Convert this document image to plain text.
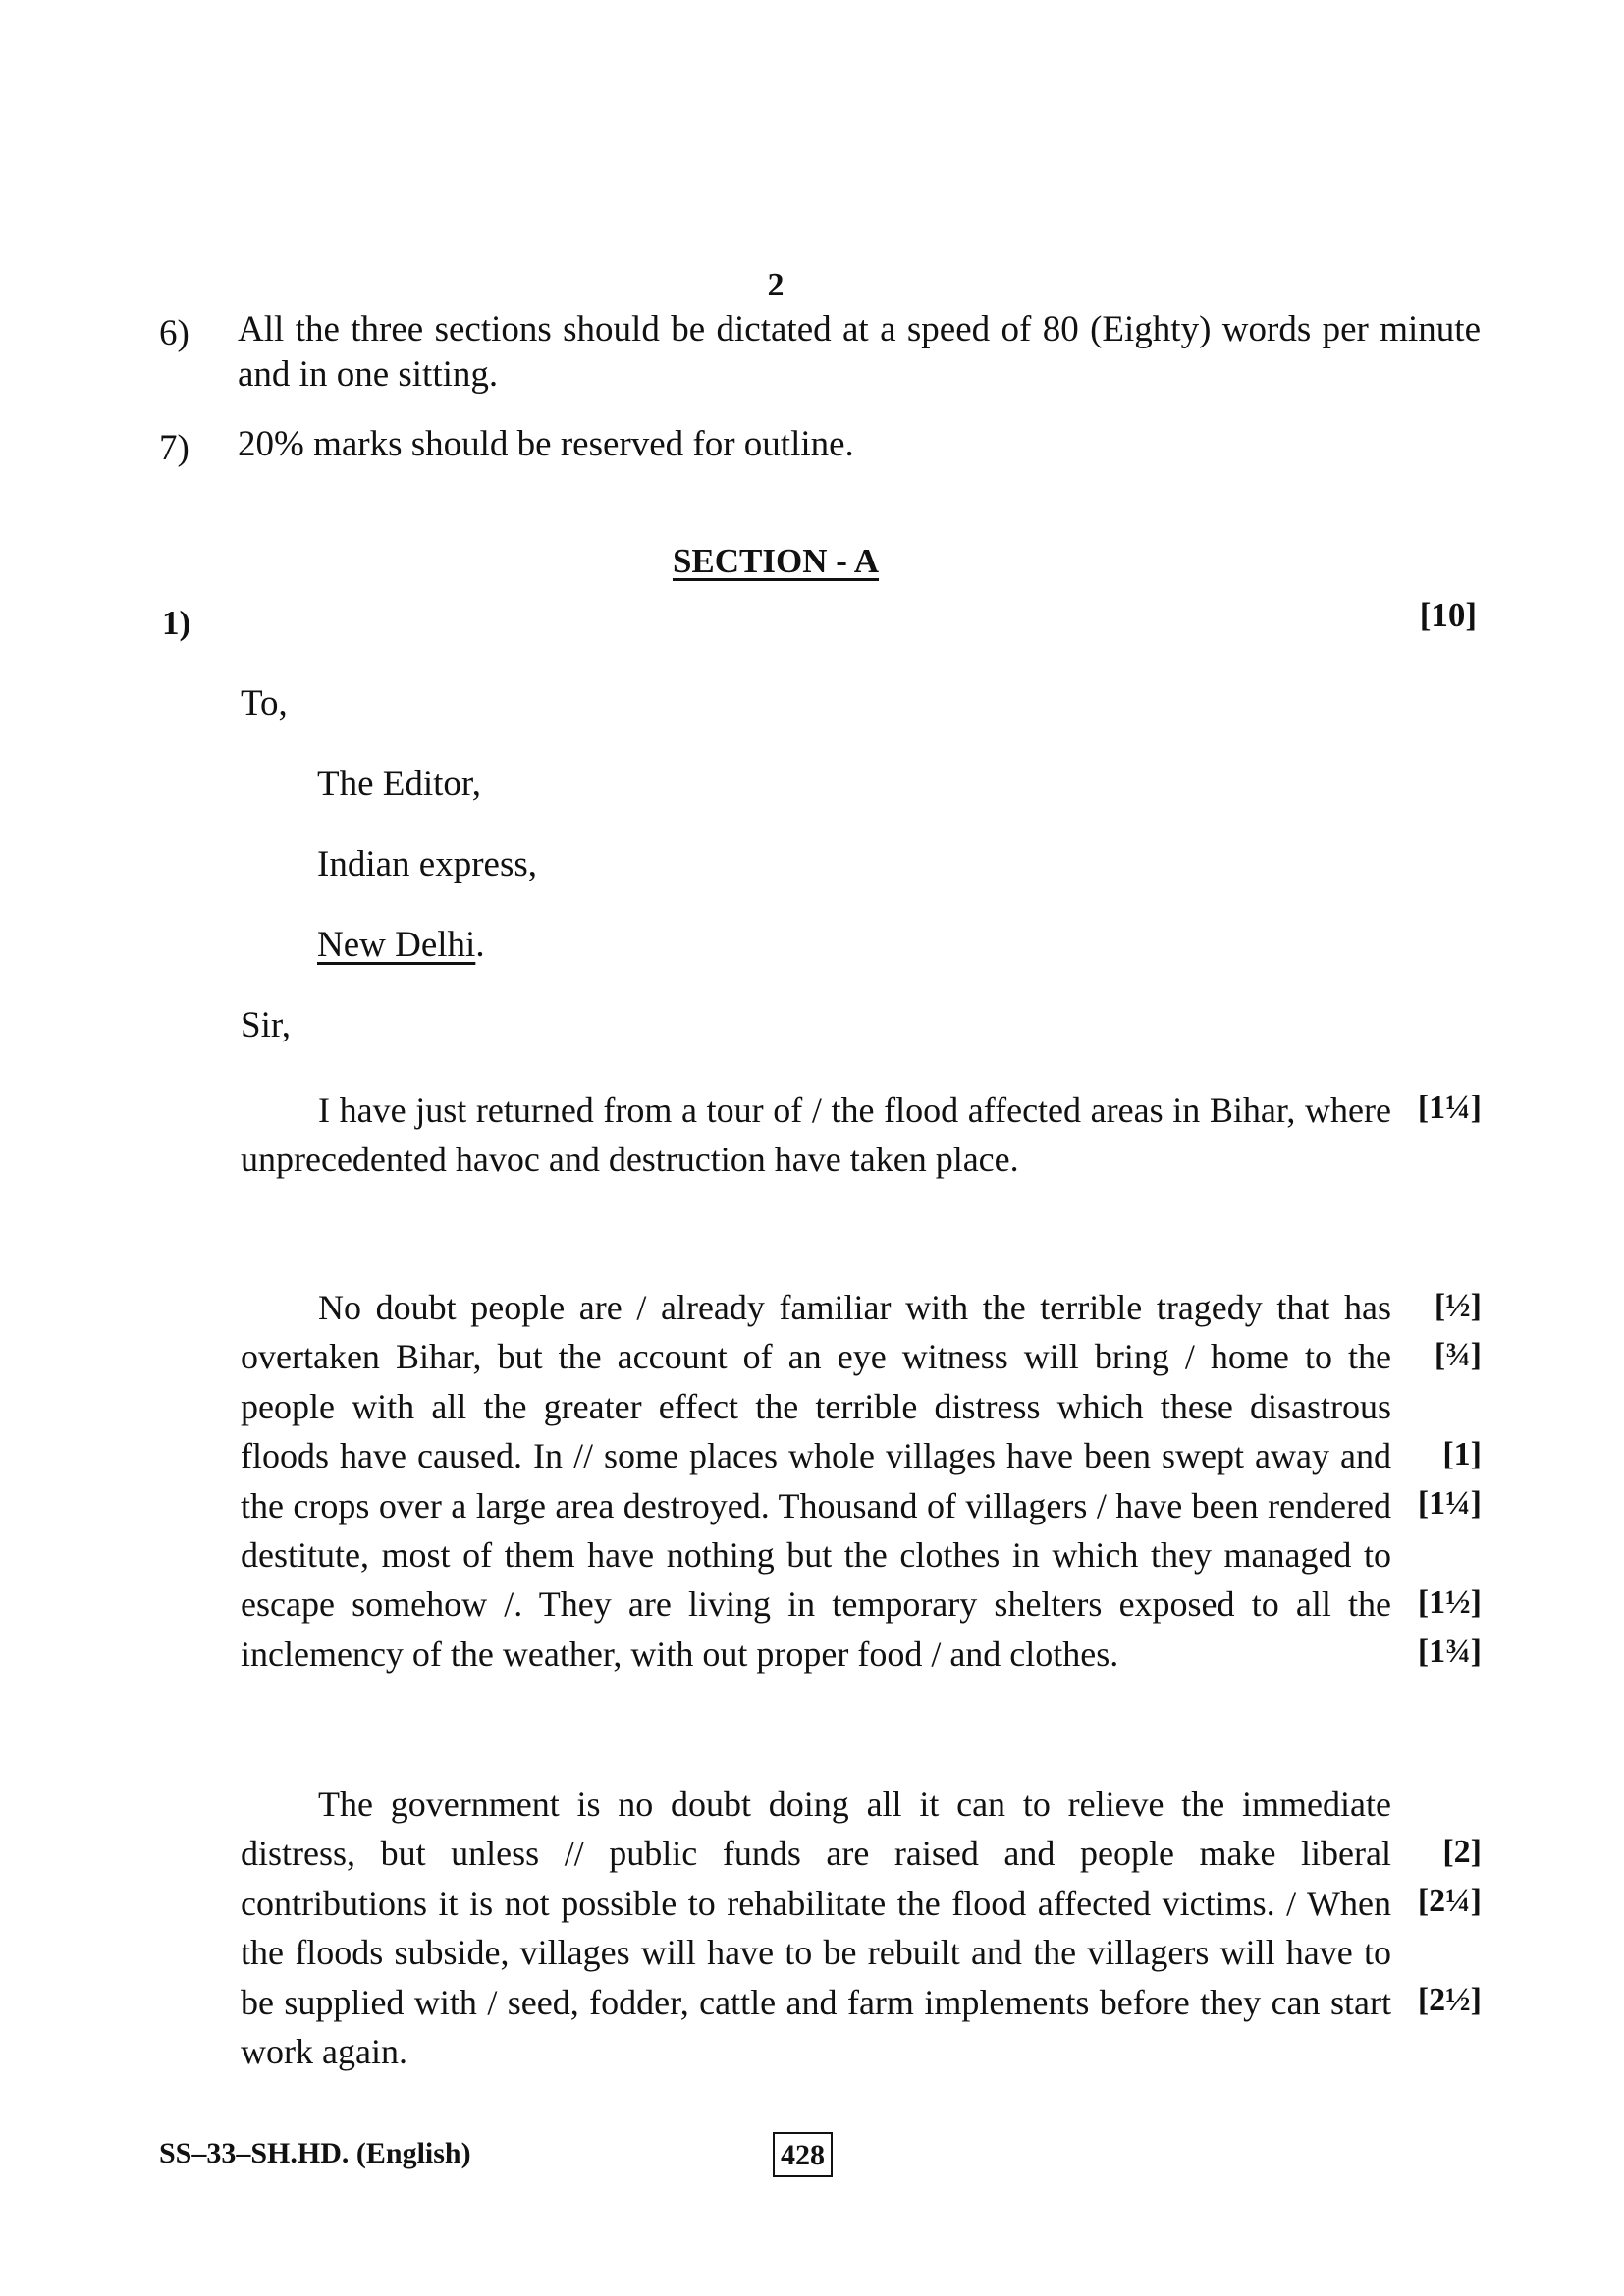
2
6) All the three sections should be dictated at a speed of 80 (Eighty) words per minute and in one sitting.
7) 20% marks should be reserved for outline.
SECTION - A
1)	[10]
To,
The Editor,
Indian express,
New Delhi.
Sir,

I have just returned from a tour of / the flood affected areas in Bihar, where unprecedented havoc and destruction have taken place.

[1¼]

No doubt people are / already familiar with the terrible tragedy that has overtaken Bihar, but the account of an eye witness will bring / home to the people with all the greater effect the terrible distress which these disastrous floods have caused. In // some places whole villages have been swept away and the crops over a large area destroyed. Thousand of villagers / have been rendered destitute, most of them have nothing but the clothes in which they managed to escape somehow /. They are living in temporary shelters exposed to all the inclemency of the weather, with out proper food / and clothes.

[½]
[¾]
[1]
[1¼]
[1½]
[1¾]

The government is no doubt doing all it can to relieve the immediate distress, but unless // public funds are raised and people make liberal contributions it is not possible to rehabilitate the flood affected victims. / When the floods subside, villages will have to be rebuilt and the villagers will have to be supplied with / seed, fodder, cattle and farm implements before they can start work again.

[2]
[2¼]
[2½]
SS–33–SH.HD. (English)	428
